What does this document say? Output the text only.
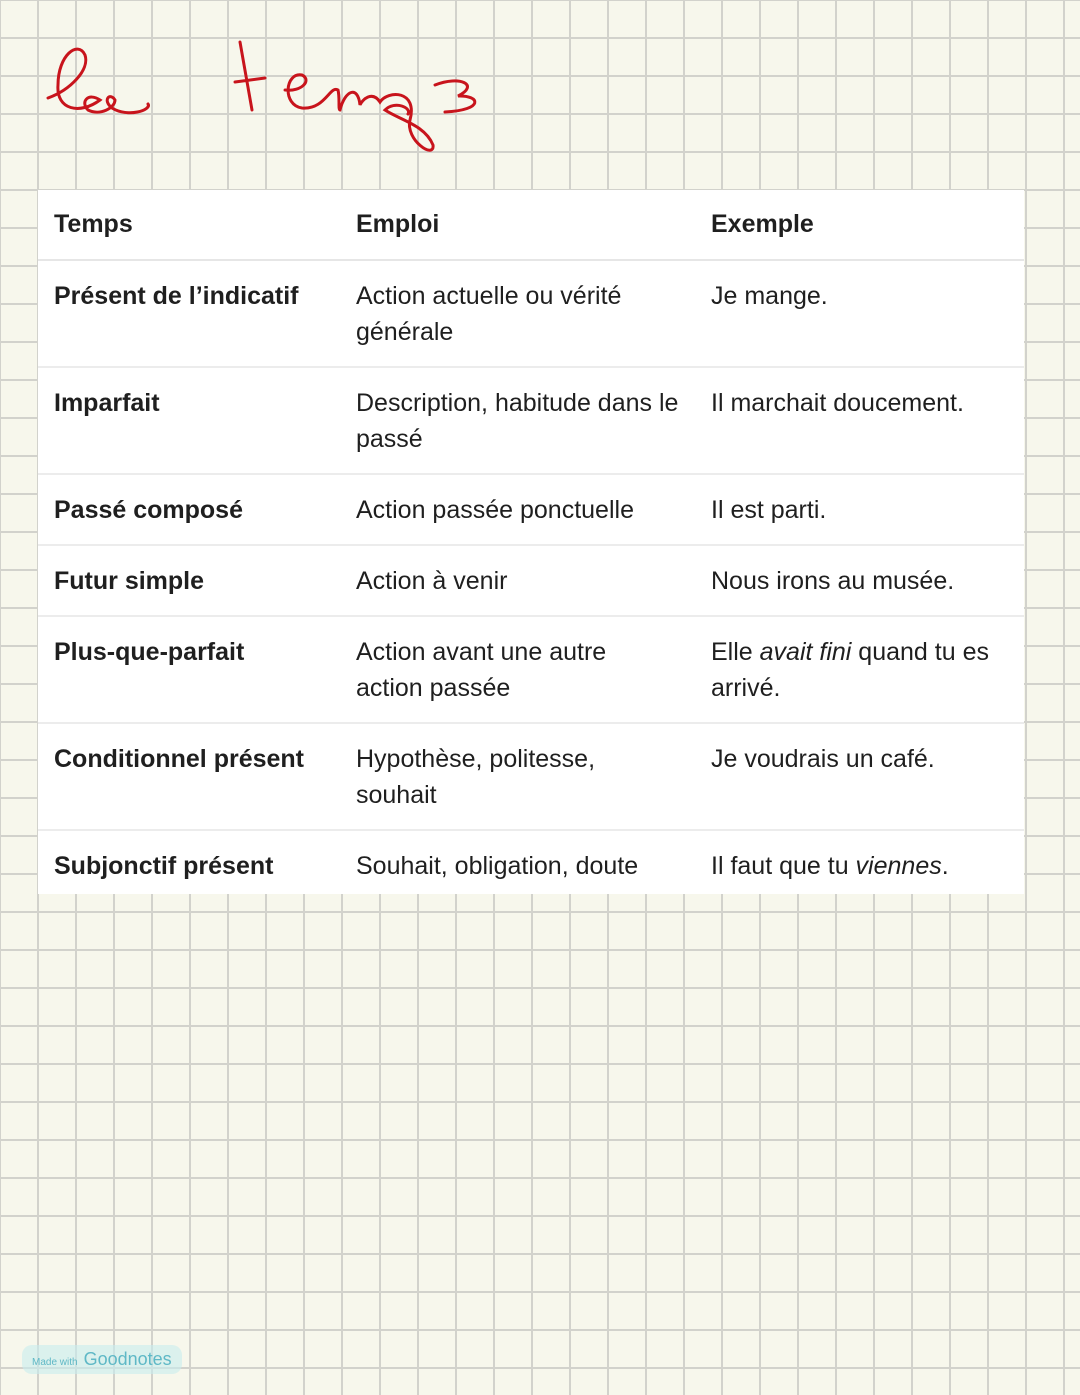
Temps	Emploi	Exemple
Présent de l’indicatif	Action actuelle ou vérité générale	Je mange.
Imparfait	Description, habitude dans le passé	Il marchait doucement.
Passé composé	Action passée ponctuelle	Il est parti.
Futur simple	Action à venir	Nous irons au musée.
Plus-que-parfait	Action avant une autre action passée	Elle avait fini quand tu es arrivé.
Conditionnel présent	Hypothèse, politesse, souhait	Je voudrais un café.
Subjonctif présent	Souhait, obligation, doute	Il faut que tu viennes.
Made with Goodnotes
